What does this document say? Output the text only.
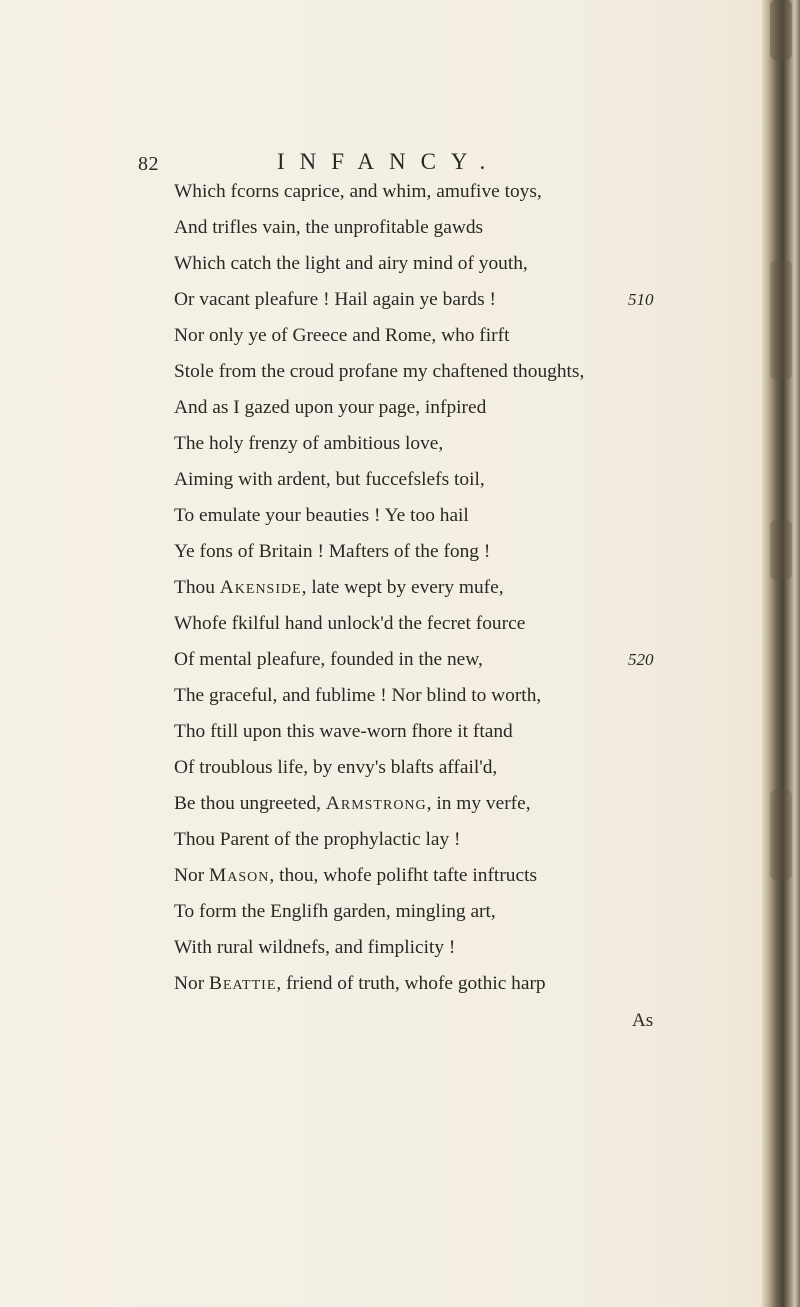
82	INFANCY.
Which fcorns caprice, and whim, amufive toys,
And trifles vain, the unprofitable gawds
Which catch the light and airy mind of youth,
Or vacant pleafure ! Hail again ye bards !	510
Nor only ye of Greece and Rome, who firft
Stole from the croud profane my chaftened thoughts,
And as I gazed upon your page, infpired
The holy frenzy of ambitious love,
Aiming with ardent, but fuccefslefs toil,
To emulate your beauties ! Ye too hail
Ye fons of Britain ! Mafters of the fong !
Thou Akenside, late wept by every mufe,
Whofe fkilful hand unlock'd the fecret fource
Of mental pleafure, founded in the new,	520
The graceful, and fublime ! Nor blind to worth,
Tho ftill upon this wave-worn fhore it ftand
Of troublous life, by envy's blafts affail'd,
Be thou ungreeted, Armstrong, in my verfe,
Thou Parent of the prophylactic lay !
Nor Mason, thou, whofe polifht tafte inftructs
To form the Englifh garden, mingling art,
With rural wildnefs, and fimplicity !
Nor Beattie, friend of truth, whofe gothic harp
As
